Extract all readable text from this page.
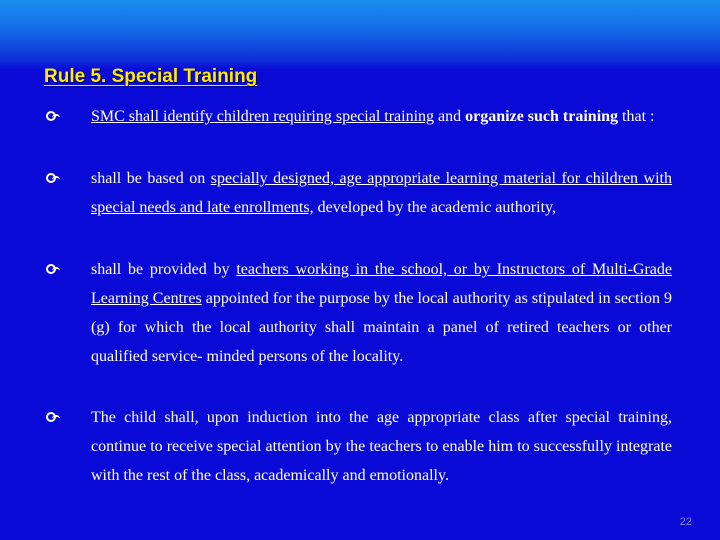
Rule 5. Special Training
SMC shall identify children requiring special training and organize such training that :
shall be based on specially designed, age appropriate learning material for children with special needs and late enrollments, developed by the academic authority,
shall be provided by teachers working in the school, or by Instructors of Multi-Grade Learning Centres appointed for the purpose by the local authority as stipulated in section 9 (g) for which the local authority shall maintain a panel of retired teachers or other qualified service- minded persons of the locality.
The child shall, upon induction into the age appropriate class after special training, continue to receive special attention by the teachers to enable him to successfully integrate with the rest of the class, academically and emotionally.
22
